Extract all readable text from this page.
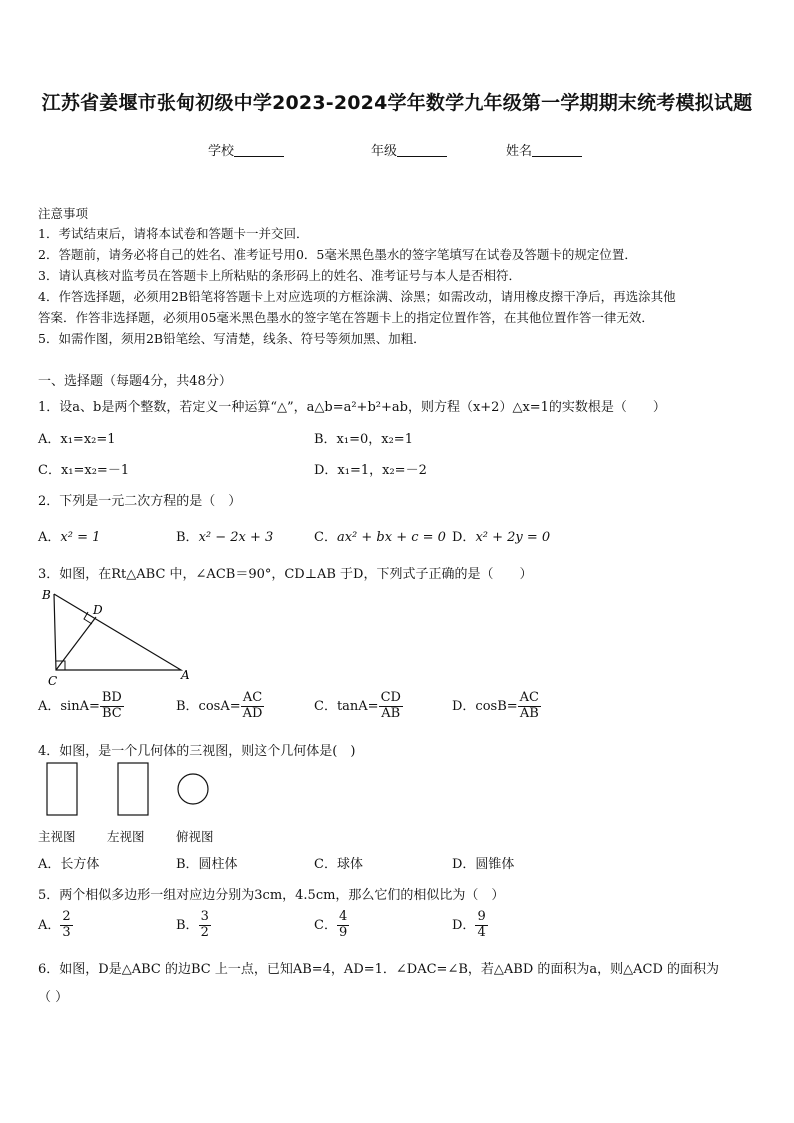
江苏省姜堰市张甸初级中学2023-2024学年数学九年级第一学期期末统考模拟试题
学校	年级	姓名
注意事项
1．考试结束后，请将本试卷和答题卡一并交回．
2．答题前，请务必将自己的姓名、准考证号用0．5毫米黑色墨水的签字笔填写在试卷及答题卡的规定位置．
3．请认真核对监考员在答题卡上所粘贴的条形码上的姓名、准考证号与本人是否相符．
4．作答选择题，必须用2B铅笔将答题卡上对应选项的方框涂满、涂黑；如需改动，请用橡皮擦干净后，再选涂其他
答案．作答非选择题，必须用05毫米黑色墨水的签字笔在答题卡上的指定位置作答，在其他位置作答一律无效．
5．如需作图，须用2B铅笔绘、写清楚，线条、符号等须加黑、加粗．
一、选择题（每题4分，共48分）
1．设a、b是两个整数，若定义一种运算“△”，a△b=a²+b²+ab，则方程（x+2）△x=1的实数根是（　　）
A．x₁=x₂=1	B．x₁=0，x₂=1
C．x₁=x₂=－1	D．x₁=1，x₂=－2
2．下列是一元二次方程的是（　）
A．x² = 1	B．x² − 2x + 3	C．ax² + bx + c = 0 D．x² + 2y = 0
3．如图，在Rt△ABC 中，∠ACB＝90°，CD⊥AB 于D，下列式子正确的是（　　）
B
D
C	A
A．$\sin A= \frac{BD}{BC}$	B．$\cos A= \frac{AC}{AD}$	C．$\tan A= \frac{CD}{AB}$	D．$\cos B= \frac{AC}{AB}$
4．如图，是一个几何体的三视图，则这个几何体是(　)
主视图	左视图	俯视图
A．长方体	B．圆柱体	C．球体	D．圆锥体
5．两个相似多边形一组对应边分别为3cm，4.5cm，那么它们的相似比为（　）
A． $\frac{2}{3}$	B． $\frac{3}{2}$	C． $\frac{4}{9}$	D． $\frac{9}{4}$
6．如图，D是△ABC 的边BC 上一点，已知AB=4，AD=1．∠DAC=∠B，若△ABD 的面积为a，则△ACD 的面积为
（ ）
